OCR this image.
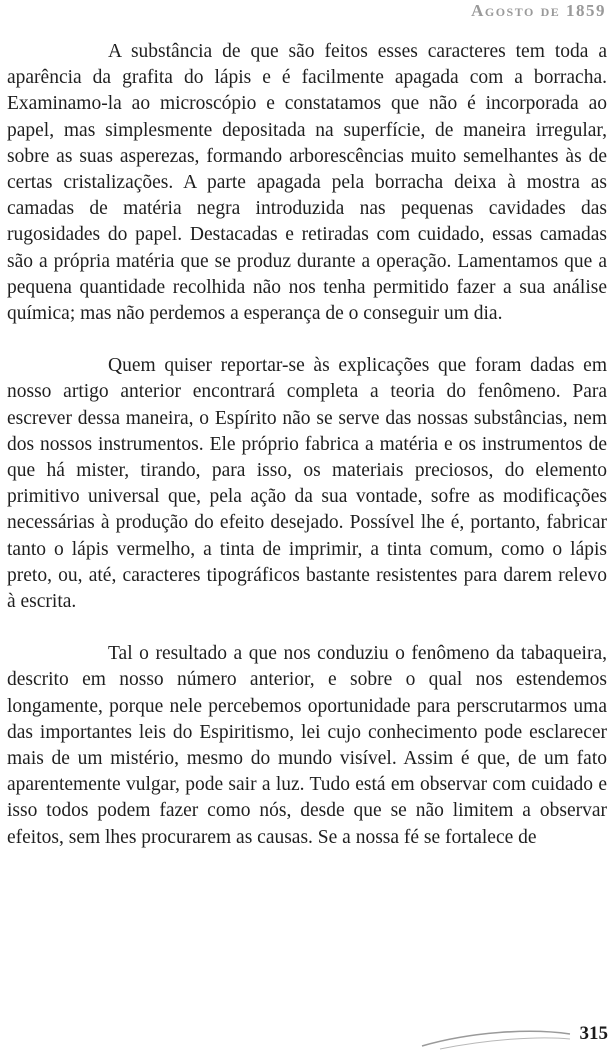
Agosto de 1859

A substância de que são feitos esses caracteres tem toda a aparência da grafita do lápis e é facilmente apagada com a borracha. Examinamo-la ao microscópio e constatamos que não é incorporada ao papel, mas simplesmente depositada na superfície, de maneira irregular, sobre as suas asperezas, formando arborescências muito semelhantes às de certas cristalizações. A parte apagada pela borracha deixa à mostra as camadas de matéria negra introduzida nas pequenas cavidades das rugosidades do papel. Destacadas e retiradas com cuidado, essas camadas são a própria matéria que se produz durante a operação. Lamentamos que a pequena quantidade recolhida não nos tenha permitido fazer a sua análise química; mas não perdemos a esperança de o conseguir um dia.

Quem quiser reportar-se às explicações que foram dadas em nosso artigo anterior encontrará completa a teoria do fenômeno. Para escrever dessa maneira, o Espírito não se serve das nossas substâncias, nem dos nossos instrumentos. Ele próprio fabrica a matéria e os instrumentos de que há mister, tirando, para isso, os materiais preciosos, do elemento primitivo universal que, pela ação da sua vontade, sofre as modificações necessárias à produção do efeito desejado. Possível lhe é, portanto, fabricar tanto o lápis vermelho, a tinta de imprimir, a tinta comum, como o lápis preto, ou, até, caracteres tipográficos bastante resistentes para darem relevo à escrita.

Tal o resultado a que nos conduziu o fenômeno da tabaqueira, descrito em nosso número anterior, e sobre o qual nos estendemos longamente, porque nele percebemos oportunidade para perscrutarmos uma das importantes leis do Espiritismo, lei cujo conhecimento pode esclarecer mais de um mistério, mesmo do mundo visível. Assim é que, de um fato aparentemente vulgar, pode sair a luz. Tudo está em observar com cuidado e isso todos podem fazer como nós, desde que se não limitem a observar efeitos, sem lhes procurarem as causas. Se a nossa fé se fortalece de

315
